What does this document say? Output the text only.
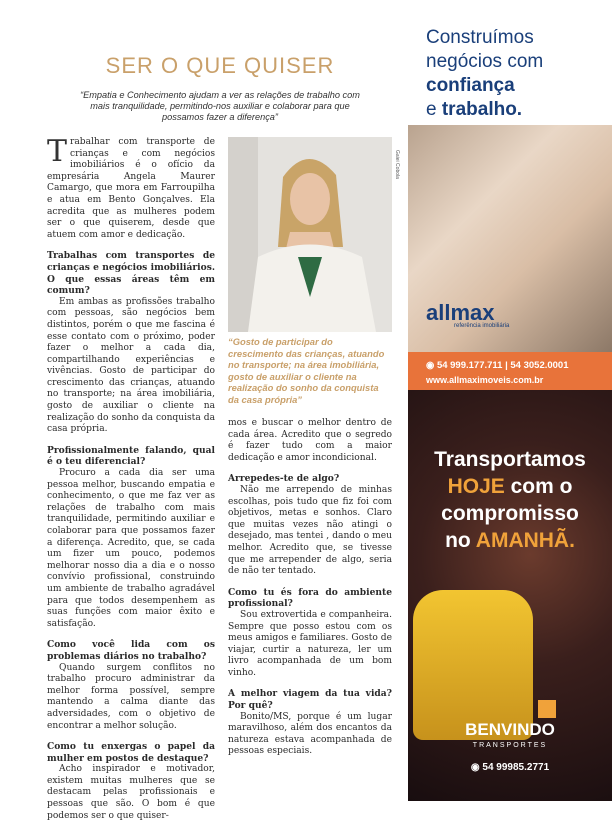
SER O QUE QUISER
“Empatia e Conhecimento ajudam a ver as relações de trabalho com mais tranquilidade, permitindo-nos auxiliar e colaborar para que possamos fazer a diferença”

Trabalhar com transporte de crianças e com negócios imobiliários é o ofício da empresária Angela Maurer Camargo, que mora em Farroupilha e atua em Bento Gonçalves. Ela acredita que as mulheres podem ser o que quiserem, desde que atuem com amor e dedicação.

Trabalhas com transportes de crianças e negócios imobiliários. O que essas áreas têm em comum?

Em ambas as profissões trabalho com pessoas, são negócios bem distintos, porém o que me fascina é esse contato com o próximo, poder fazer o melhor a cada dia, compartilhando experiências e vivências. Gosto de participar do crescimento das crianças, atuando no transporte; na área imobiliária, gosto de auxiliar o cliente na realização do sonho da conquista da casa própria.

Profissionalmente falando, qual é o teu diferencial?

Procuro a cada dia ser uma pessoa melhor, buscando empatia e conhecimento, o que me faz ver as relações de trabalho com mais tranquilidade, permitindo auxiliar e colaborar para que possamos fazer a diferença. Acredito, que, se cada um fizer um pouco, podemos melhorar nosso dia a dia e o nosso convívio profissional, construindo um ambiente de trabalho agradável para que todos desempenhem as suas funções com maior êxito e satisfação.

Como você lida com os problemas diários no trabalho?

Quando surgem conflitos no trabalho procuro administrar da melhor forma possível, sempre mantendo a calma diante das adversidades, com o objetivo de encontrar a melhor solução.

Como tu enxergas o papel da mulher em postos de destaque?

Acho inspirador e motivador, existem muitas mulheres que se destacam pelas profissionais e pessoas que são. O bom é que podemos ser o que quiser-

Gaiei Cobola
“Gosto de participar do crescimento das crianças, atuando no transporte; na área imobiliária, gosto de auxiliar o cliente na realização do sonho da conquista da casa própria”

mos e buscar o melhor dentro de cada área. Acredito que o segredo é fazer tudo com a maior dedicação e amor incondicional.

Arrepedes-te de algo?

Não me arrependo de minhas escolhas, pois tudo que fiz foi com objetivos, metas e sonhos. Claro que muitas vezes não atingi o desejado, mas tentei , dando o meu melhor. Acredito que, se tivesse que me arrepender de algo, seria de não ter tentado.

Como tu és fora do ambiente profissional?

Sou extrovertida e companheira. Sempre que posso estou com os meus amigos e familiares. Gosto de viajar, curtir a natureza, ler um livro acompanhada de um bom vinho.

A melhor viagem da tua vida? Por quê?

Bonito/MS, porque é um lugar maravilhoso, além dos encantos da natureza estava acompanhada de pessoas especiais.

Construímos
negócios com
confiança
e trabalho.
allmax
referência imobiliária
◉ 54 999.177.711 | 54 3052.0001
www.allmaximoveis.com.br
Transportamos
HOJE com o
compromisso
no AMANHÃ.
BENVINDO
TRANSPORTES
◉ 54 99985.2771
